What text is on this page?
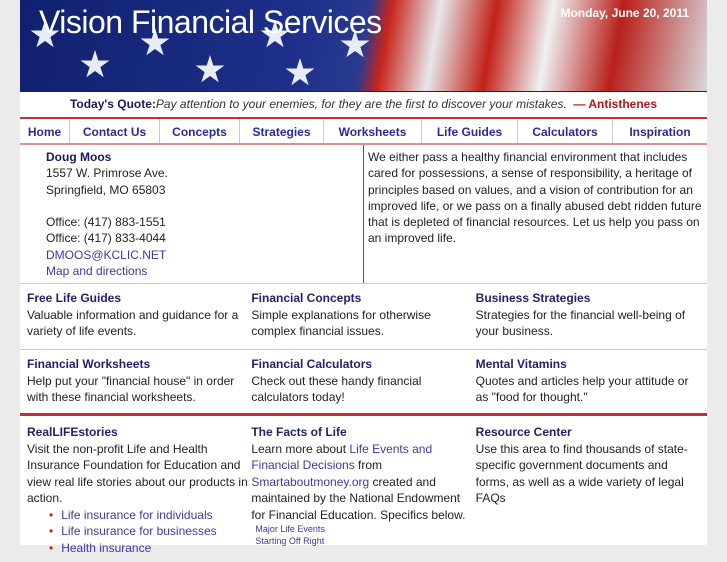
Vision Financial Services	Monday, June 20, 2011
Today's Quote:Pay attention to your enemies, for they are the first to discover your mistakes. — Antisthenes
Home	Contact Us	Concepts	Strategies	Worksheets	Life Guides	Calculators	Inspiration
Doug Moos
1557 W. Primrose Ave.
Springfield, MO 65803

Office: (417) 883-1551
Office: (417) 833-4044
DMOOS@KCLIC.NET
Map and directions
We either pass a healthy financial environment that includes cared for possessions, a sense of responsibility, a heritage of principles based on values, and a vision of contribution for an improved life, or we pass on a finally abused debt ridden future that is depleted of financial resources. Let us help you pass on an improved life.
Free Life Guides
Valuable information and guidance for a variety of life events.
Financial Concepts
Simple explanations for otherwise complex financial issues.
Business Strategies
Strategies for the financial well-being of your business.
Financial Worksheets
Help put your "financial house" in order with these financial worksheets.
Financial Calculators
Check out these handy financial calculators today!
Mental Vitamins
Quotes and articles help your attitude or as "food for thought."
RealLIFEstories
Visit the non-profit Life and Health Insurance Foundation for Education and view real life stories about our products in action.
• Life insurance for individuals
• Life insurance for businesses
• Health insurance
The Facts of Life
Learn more about Life Events and Financial Decisions from Smartaboutmoney.org created and maintained by the National Endowment for Financial Education. Specifics below.
Major Life Events
Starting Off Right
Resource Center
Use this area to find thousands of state-specific government documents and forms, as well as a wide variety of legal FAQs
